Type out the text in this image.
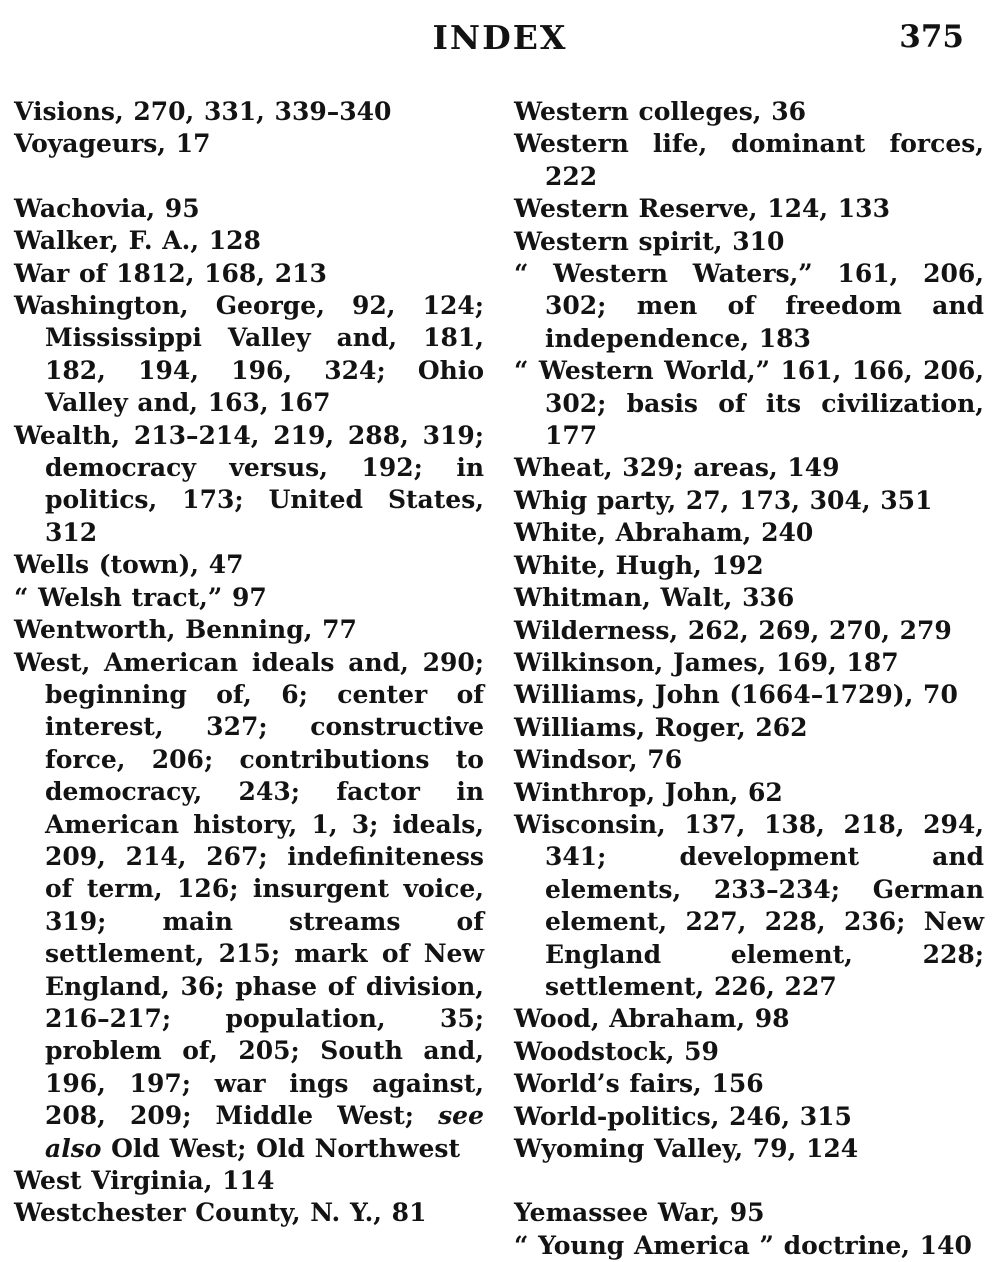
INDEX	375

Visions, 270, 331, 339–340

Voyageurs, 17

Wachovia, 95

Walker, F. A., 128

War of 1812, 168, 213

Washington, George, 92, 124; Mississippi Valley and, 181, 182, 194, 196, 324; Ohio Valley and, 163, 167

Wealth, 213–214, 219, 288, 319; democracy versus, 192; in politics, 173; United States, 312

Wells (town), 47

“ Welsh tract,” 97

Wentworth, Benning, 77

West, American ideals and, 290; beginning of, 6; center of interest, 327; constructive force, 206; contributions to democracy, 243; factor in American history, 1, 3; ideals, 209, 214, 267; indefiniteness of term, 126; insurgent voice, 319; main streams of settlement, 215; mark of New England, 36; phase of division, 216–217; population, 35; problem of, 205; South and, 196, 197; war ings against, 208, 209; Middle West; see also Old West; Old Northwest

West Virginia, 114

Westchester County, N. Y., 81

Western colleges, 36

Western life, dominant forces, 222

Western Reserve, 124, 133

Western spirit, 310

“ Western Waters,” 161, 206, 302; men of freedom and independence, 183

“ Western World,” 161, 166, 206, 302; basis of its civilization, 177

Wheat, 329; areas, 149

Whig party, 27, 173, 304, 351

White, Abraham, 240

White, Hugh, 192

Whitman, Walt, 336

Wilderness, 262, 269, 270, 279

Wilkinson, James, 169, 187

Williams, John (1664–1729), 70

Williams, Roger, 262

Windsor, 76

Winthrop, John, 62

Wisconsin, 137, 138, 218, 294, 341; development and elements, 233–234; German element, 227, 228, 236; New England element, 228; settlement, 226, 227

Wood, Abraham, 98

Woodstock, 59

World’s fairs, 156

World-politics, 246, 315

Wyoming Valley, 79, 124

Yemassee War, 95

“ Young America ” doctrine, 140
